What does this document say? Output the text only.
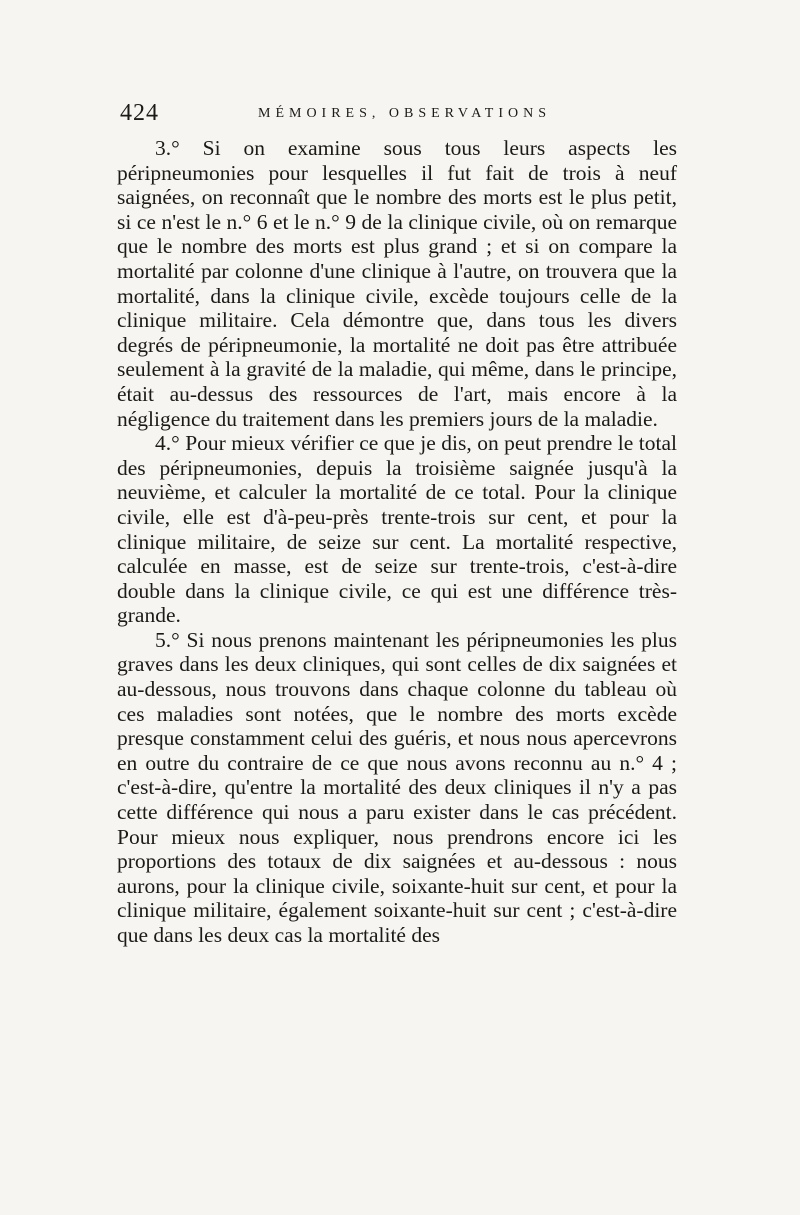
424	MÉMOIRES, OBSERVATIONS

3.° Si on examine sous tous leurs aspects les péripneumonies pour lesquelles il fut fait de trois à neuf saignées, on reconnaît que le nombre des morts est le plus petit, si ce n'est le n.° 6 et le n.° 9 de la clinique civile, où on remarque que le nombre des morts est plus grand ; et si on compare la mortalité par colonne d'une clinique à l'autre, on trouvera que la mortalité, dans la clinique civile, excède toujours celle de la clinique militaire. Cela démontre que, dans tous les divers degrés de péripneumonie, la mortalité ne doit pas être attribuée seulement à la gravité de la maladie, qui même, dans le principe, était au-dessus des ressources de l'art, mais encore à la négligence du traitement dans les premiers jours de la maladie.

4.° Pour mieux vérifier ce que je dis, on peut prendre le total des péripneumonies, depuis la troisième saignée jusqu'à la neuvième, et calculer la mortalité de ce total. Pour la clinique civile, elle est d'à-peu-près trente-trois sur cent, et pour la clinique militaire, de seize sur cent. La mortalité respective, calculée en masse, est de seize sur trente-trois, c'est-à-dire double dans la clinique civile, ce qui est une différence très-grande.

5.° Si nous prenons maintenant les péripneumonies les plus graves dans les deux cliniques, qui sont celles de dix saignées et au-dessous, nous trouvons dans chaque colonne du tableau où ces maladies sont notées, que le nombre des morts excède presque constamment celui des guéris, et nous nous apercevrons en outre du contraire de ce que nous avons reconnu au n.° 4 ; c'est-à-dire, qu'entre la mortalité des deux cliniques il n'y a pas cette différence qui nous a paru exister dans le cas précédent. Pour mieux nous expliquer, nous prendrons encore ici les proportions des totaux de dix saignées et au-dessous : nous aurons, pour la clinique civile, soixante-huit sur cent, et pour la clinique militaire, également soixante-huit sur cent ; c'est-à-dire que dans les deux cas la mortalité des
